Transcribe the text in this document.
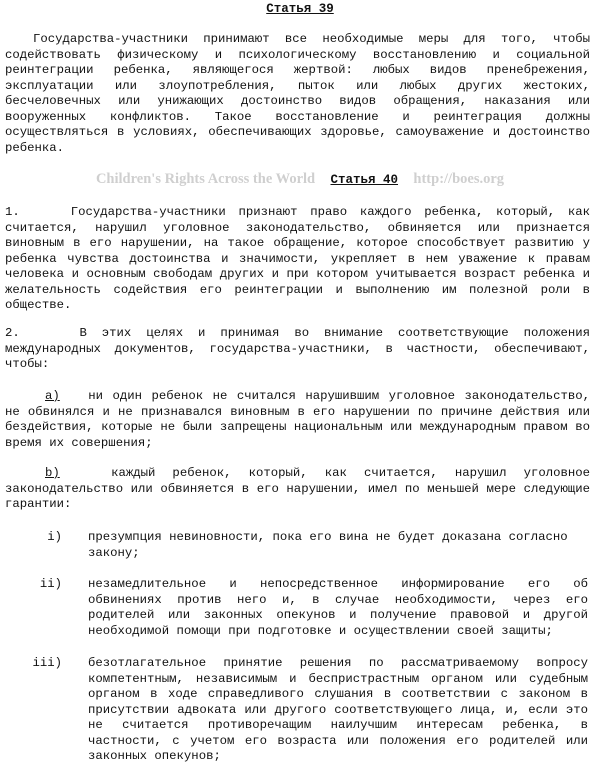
Статья 39

Государства-участники принимают все необходимые меры для того, чтобы содействовать физическому и психологическому восстановлению и социальной реинтеграции ребенка, являющегося жертвой: любых видов пренебрежения, эксплуатации или злоупотребления, пыток или любых других жестоких, бесчеловечных или унижающих достоинство видов обращения, наказания или вооруженных конфликтов. Такое восстановление и реинтеграция должны осуществляться в условиях, обеспечивающих здоровье, самоуважение и достоинство ребенка.

Children's Rights Across the World Статья 40 http://boes.org

1.	Государства-участники признают право каждого ребенка, который, как считается, нарушил уголовное законодательство, обвиняется или признается виновным в его нарушении, на такое обращение, которое способствует развитию у ребенка чувства достоинства и значимости, укрепляет в нем уважение к правам человека и основным свободам других и при котором учитывается возраст ребенка и желательность содействия его реинтеграции и выполнению им полезной роли в обществе.

2.	В этих целях и принимая во внимание соответствующие положения международных документов, государства-участники, в частности, обеспечивают, чтобы:

a) ни один ребенок не считался нарушившим уголовное законодательство, не обвинялся и не признавался виновным в его нарушении по причине действия или бездействия, которые не были запрещены национальным или международным правом во время их совершения;

b)	каждый ребенок, который, как считается, нарушил уголовное законодательство или обвиняется в его нарушении, имел по меньшей мере следующие гарантии:

i) презумпция невиновности, пока его вина не будет доказана согласно закону;

ii) незамедлительное и непосредственное информирование его об обвинениях против него и, в случае необходимости, через его родителей или законных опекунов и получение правовой и другой необходимой помощи при подготовке и осуществлении своей защиты;

iii) безотлагательное принятие решения по рассматриваемому вопросу компетентным, независимым и беспристрастным органом или судебным органом в ходе справедливого слушания в соответствии с законом в присутствии адвоката или другого соответствующего лица, и, если это не считается противоречащим наилучшим интересам ребенка, в частности, с учетом его возраста или положения его родителей или законных опекунов;
